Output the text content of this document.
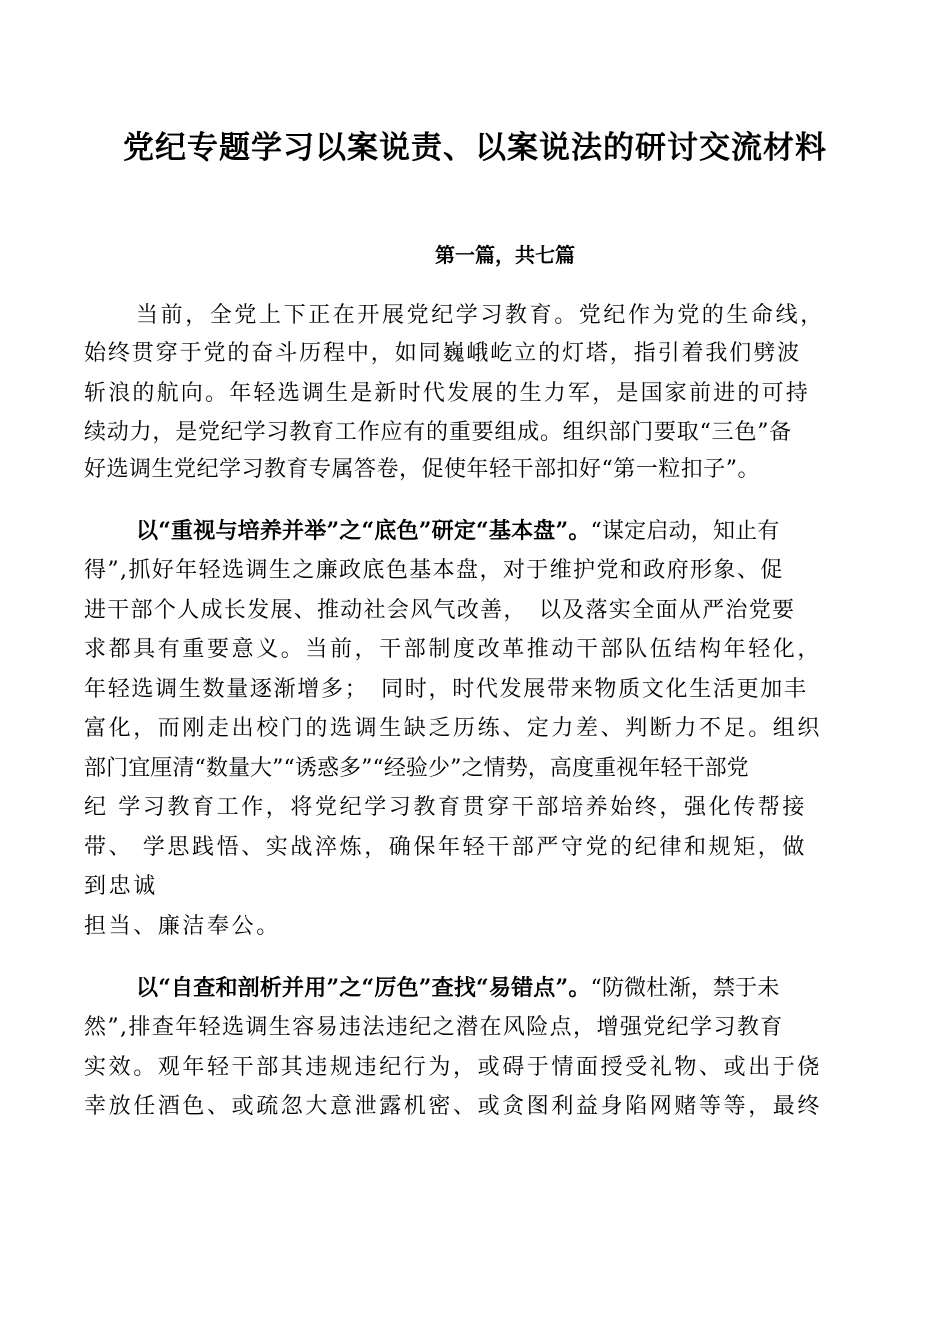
党纪专题学习以案说责、以案说法的研讨交流材料
第一篇，共七篇
当前，全党上下正在开展党纪学习教育。党纪作为党的生命线，
始终贯穿于党的奋斗历程中，如同巍峨屹立的灯塔，指引着我们劈波
斩浪的航向。年轻选调生是新时代发展的生力军，是国家前进的可持
续动力，是党纪学习教育工作应有的重要组成。组织部门要取“三色”备
好选调生党纪学习教育专属答卷，促使年轻干部扣好“第一粒扣子”。
以“重视与培养并举”之“底色”研定“基本盘”。“谋定启动，知止有
得”,抓好年轻选调生之廉政底色基本盘，对于维护党和政府形象、促
进干部个人成长发展、推动社会风气改善，　以及落实全面从严治党要
求都具有重要意义。当前，干部制度改革推动干部队伍结构年轻化，
年轻选调生数量逐渐增多；　同时，时代发展带来物质文化生活更加丰
富化，而刚走出校门的选调生缺乏历练、定力差、判断力不足。组织
部门宜厘清“数量大”“诱惑多”“经验少”之情势，高度重视年轻干部党
纪 学习教育工作，将党纪学习教育贯穿干部培养始终，强化传帮接
带、 学思践悟、实战淬炼，确保年轻干部严守党的纪律和规矩，做
到忠诚
担当、廉洁奉公。
以“自查和剖析并用”之“厉色”查找“易错点”。“防微杜渐，禁于未
然”,排查年轻选调生容易违法违纪之潜在风险点，增强党纪学习教育
实效。观年轻干部其违规违纪行为，或碍于情面授受礼物、或出于侥
幸放任酒色、或疏忽大意泄露机密、或贪图利益身陷网赌等等，最终
